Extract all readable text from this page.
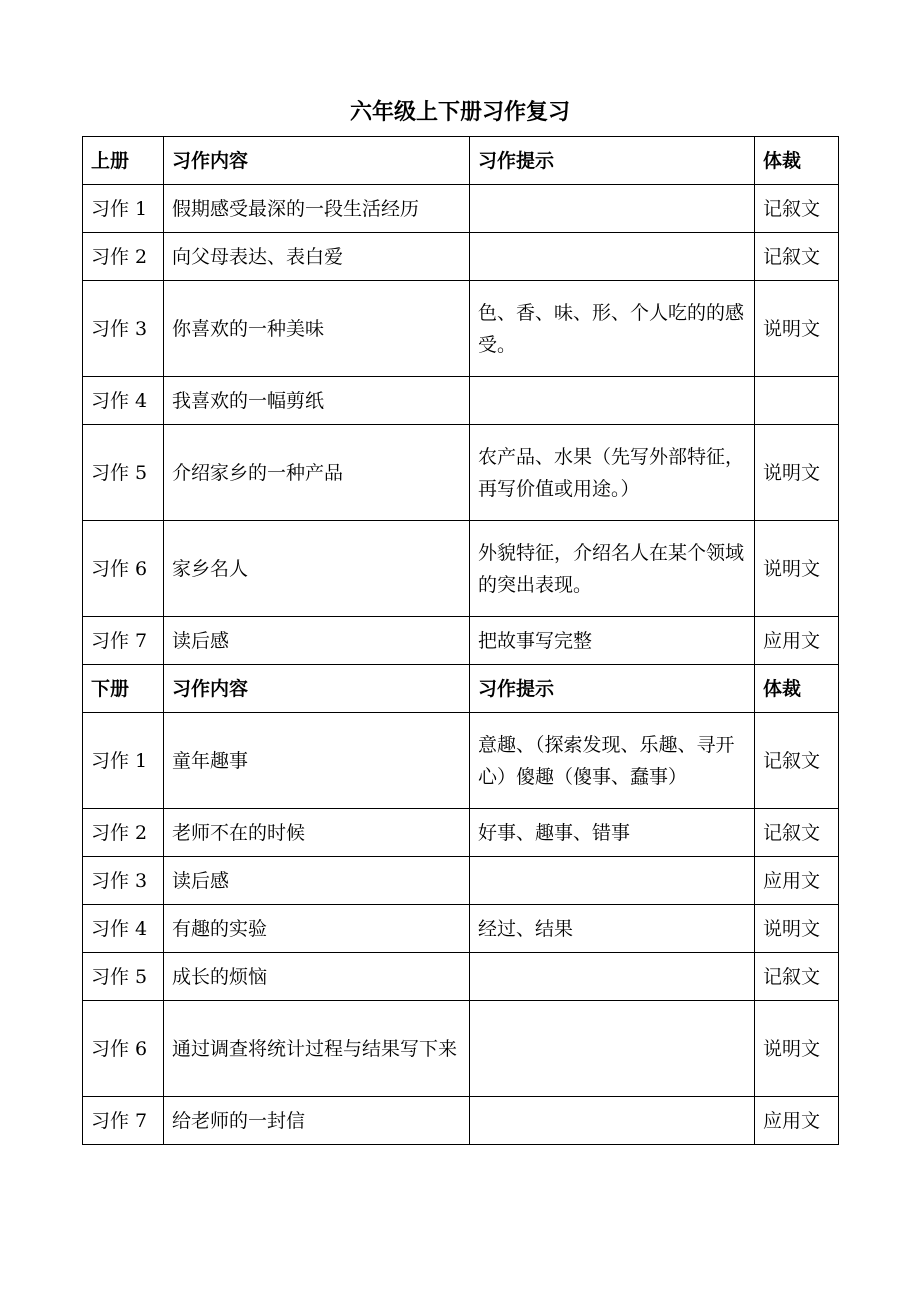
六年级上下册习作复习
上册	习作内容	习作提示	体裁
习作 1	假期感受最深的一段生活经历		记叙文
习作 2	向父母表达、表白爱		记叙文
习作 3	你喜欢的一种美味	色、香、味、形、个人吃的的感受。	说明文
习作 4	我喜欢的一幅剪纸		
习作 5	介绍家乡的一种产品	农产品、水果（先写外部特征，再写价值或用途。）	说明文
习作 6	家乡名人	外貌特征，介绍名人在某个领域的突出表现。	说明文
习作 7	读后感	把故事写完整	应用文
下册	习作内容	习作提示	体裁
习作 1	童年趣事	意趣、（探索发现、乐趣、寻开心）傻趣（傻事、蠢事）	记叙文
习作 2	老师不在的时候	好事、趣事、错事	记叙文
习作 3	读后感		应用文
习作 4	有趣的实验	经过、结果	说明文
习作 5	成长的烦恼		记叙文
习作 6	通过调查将统计过程与结果写下来		说明文
习作 7	给老师的一封信		应用文
